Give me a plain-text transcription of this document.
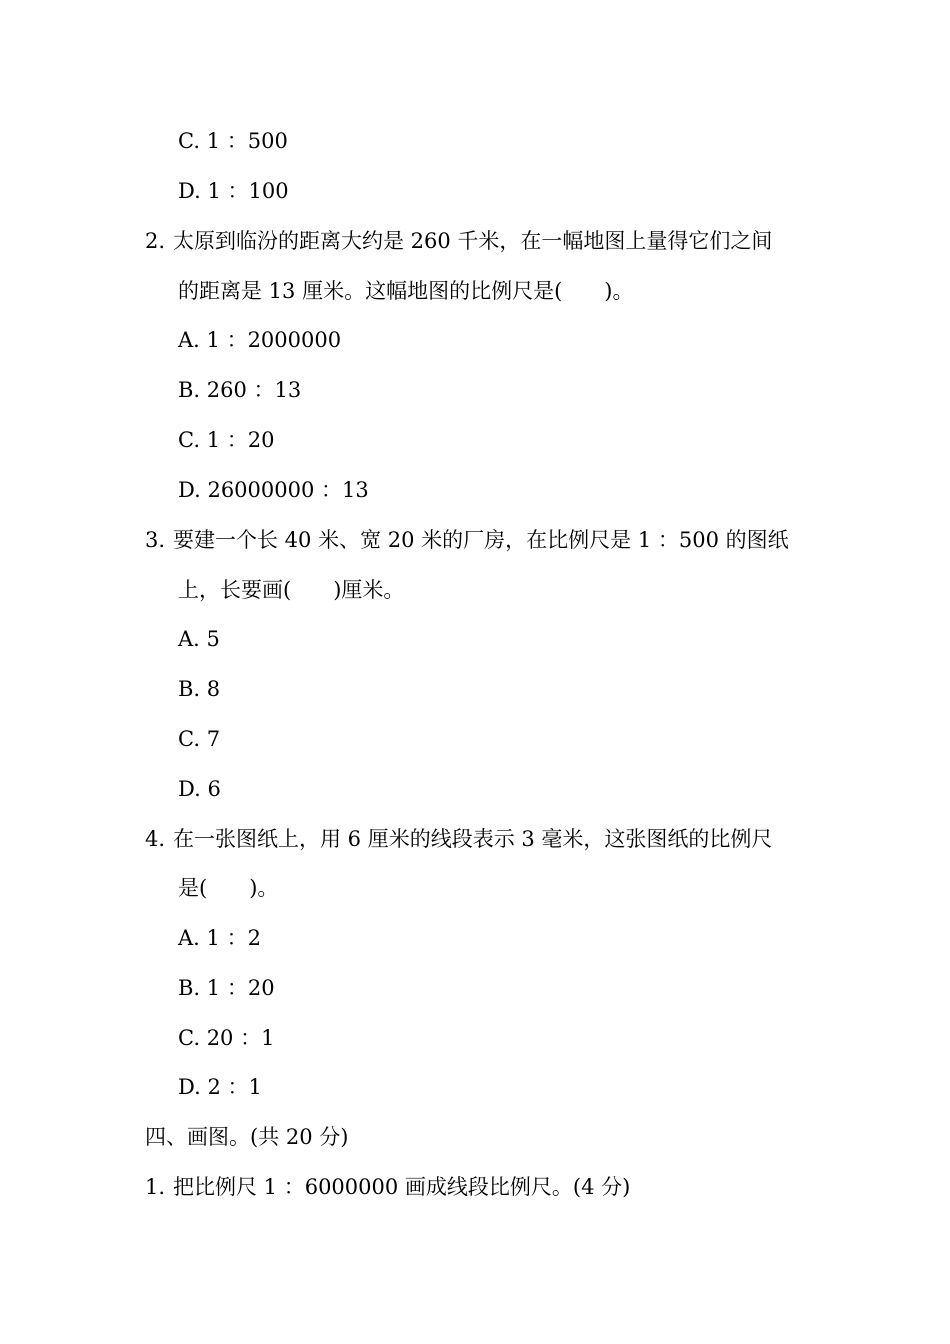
C. 1 ：500
D. 1 ：100
2. 太原到临汾的距离大约是 260 千米，在一幅地图上量得它们之间
的距离是 13 厘米。这幅地图的比例尺是(　　)。
A. 1 ：2000000
B. 260 ：13
C. 1 ：20
D. 26000000 ：13
3. 要建一个长 40 米、宽 20 米的厂房，在比例尺是 1 ：500 的图纸
上，长要画(　　)厘米。
A. 5
B. 8
C. 7
D. 6
4. 在一张图纸上，用 6 厘米的线段表示 3 毫米，这张图纸的比例尺
是(　　)。
A. 1 ：2
B. 1 ：20
C. 20 ：1
D. 2 ：1
四、画图。(共 20 分)
1. 把比例尺 1 ：6000000 画成线段比例尺。(4 分)
